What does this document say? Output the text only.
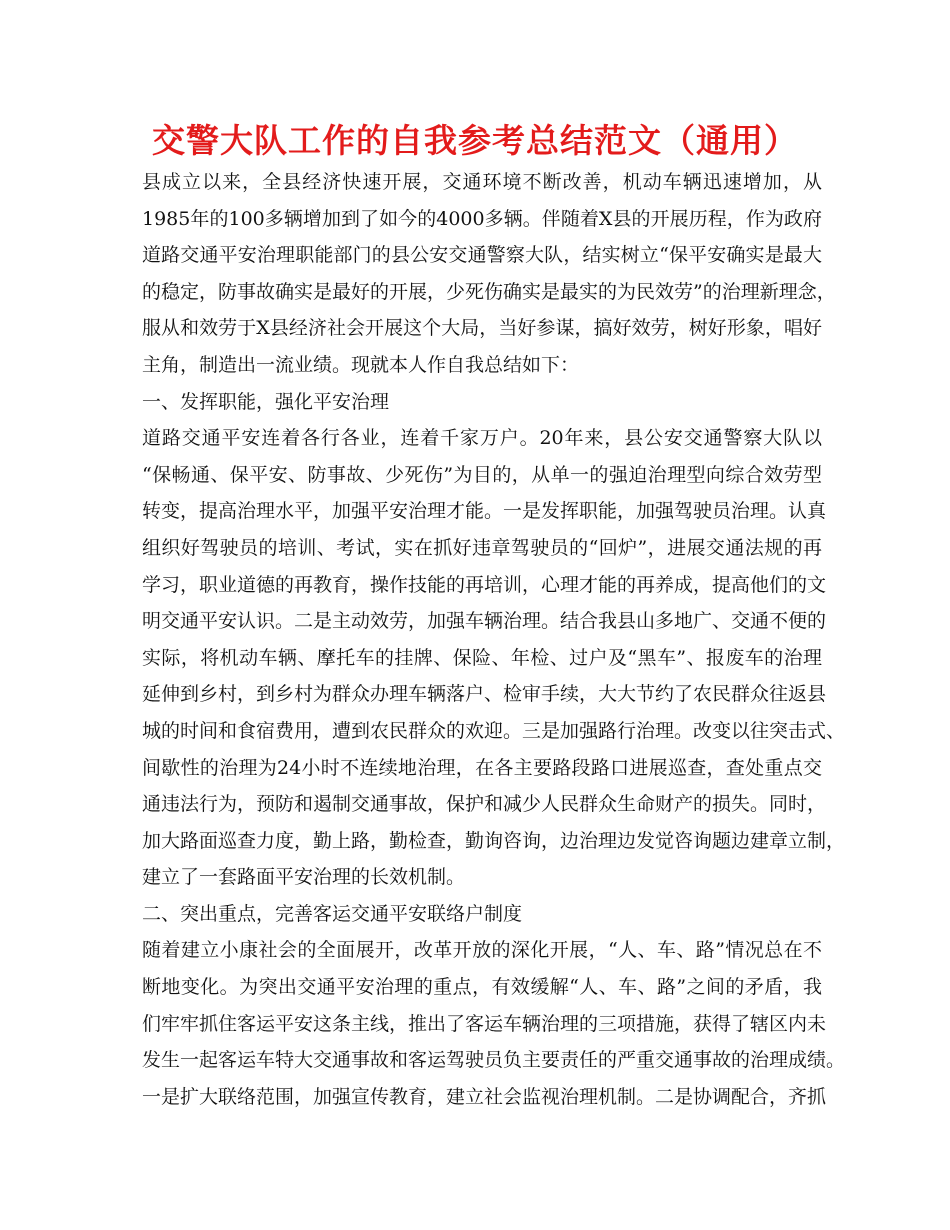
交警大队工作的自我参考总结范文（通用）
县成立以来，全县经济快速开展，交通环境不断改善，机动车辆迅速增加，从
1985年的100多辆增加到了如今的4000多辆。伴随着X县的开展历程，作为政府
道路交通平安治理职能部门的县公安交通警察大队，结实树立“保平安确实是最大
的稳定，防事故确实是最好的开展，少死伤确实是最实的为民效劳”的治理新理念，
服从和效劳于X县经济社会开展这个大局，当好参谋，搞好效劳，树好形象，唱好
主角，制造出一流业绩。现就本人作自我总结如下：
一、发挥职能，强化平安治理
道路交通平安连着各行各业，连着千家万户。20年来，县公安交通警察大队以
“保畅通、保平安、防事故、少死伤”为目的，从单一的强迫治理型向综合效劳型
转变，提高治理水平，加强平安治理才能。一是发挥职能，加强驾驶员治理。认真
组织好驾驶员的培训、考试，实在抓好违章驾驶员的“回炉”，进展交通法规的再
学习，职业道德的再教育，操作技能的再培训，心理才能的再养成，提高他们的文
明交通平安认识。二是主动效劳，加强车辆治理。结合我县山多地广、交通不便的
实际，将机动车辆、摩托车的挂牌、保险、年检、过户及“黑车”、报废车的治理
延伸到乡村，到乡村为群众办理车辆落户、检审手续，大大节约了农民群众往返县
城的时间和食宿费用，遭到农民群众的欢迎。三是加强路行治理。改变以往突击式、
间歇性的治理为24小时不连续地治理，在各主要路段路口进展巡查，查处重点交
通违法行为，预防和遏制交通事故，保护和减少人民群众生命财产的损失。同时，
加大路面巡查力度，勤上路，勤检查，勤询咨询，边治理边发觉咨询题边建章立制，
建立了一套路面平安治理的长效机制。
二、突出重点，完善客运交通平安联络户制度
随着建立小康社会的全面展开，改革开放的深化开展，“人、车、路”情况总在不
断地变化。为突出交通平安治理的重点，有效缓解“人、车、路”之间的矛盾，我
们牢牢抓住客运平安这条主线，推出了客运车辆治理的三项措施，获得了辖区内未
发生一起客运车特大交通事故和客运驾驶员负主要责任的严重交通事故的治理成绩。
一是扩大联络范围，加强宣传教育，建立社会监视治理机制。二是协调配合，齐抓
